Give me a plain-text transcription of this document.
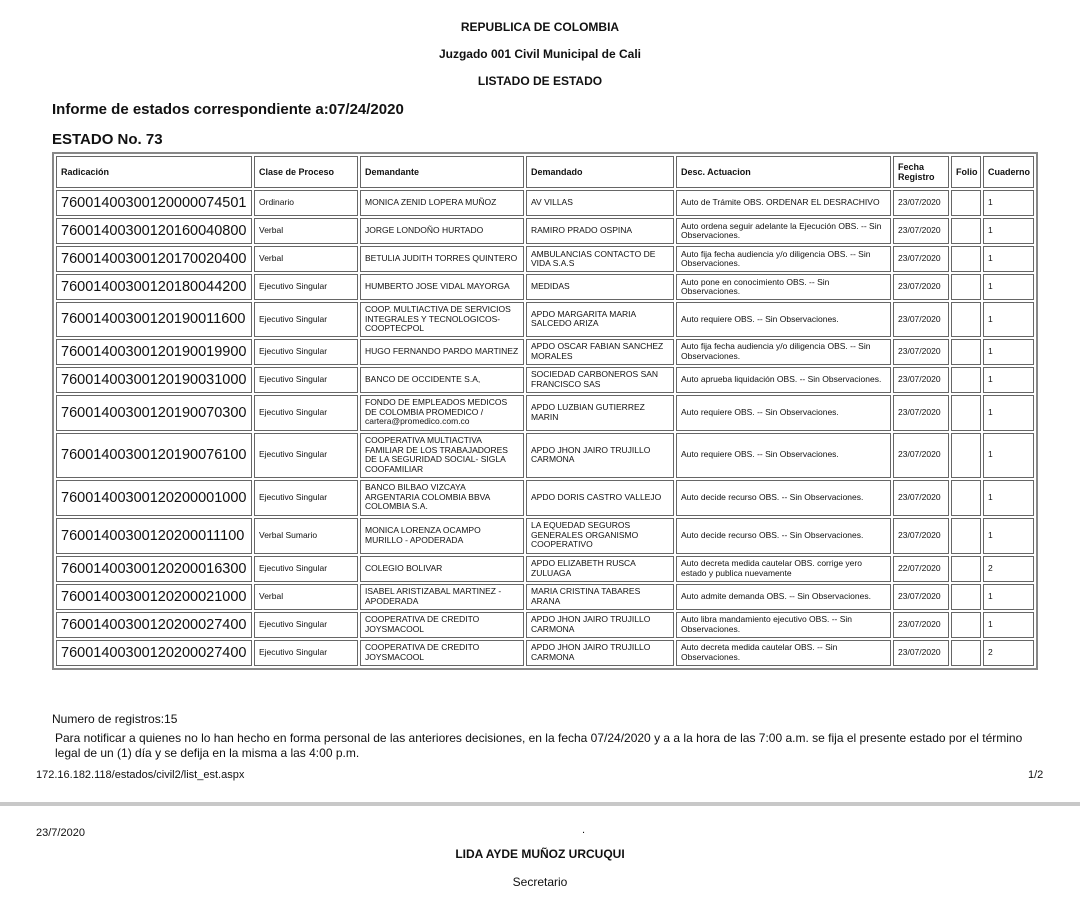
REPUBLICA DE COLOMBIA
Juzgado 001 Civil Municipal de Cali
LISTADO DE ESTADO
Informe de estados correspondiente a:07/24/2020
ESTADO No. 73
Radicación	Clase de Proceso	Demandante	Demandado	Desc. Actuacion	Fecha Registro	Folio	Cuaderno
76001400300120000074501	Ordinario	MONICA ZENID LOPERA MUÑOZ	AV VILLAS	Auto de Trámite OBS. ORDENAR EL DESRACHIVO	23/07/2020		1
76001400300120160040800	Verbal	JORGE LONDOÑO HURTADO	RAMIRO PRADO OSPINA	Auto ordena seguir adelante la Ejecución OBS. -- Sin Observaciones.	23/07/2020		1
76001400300120170020400	Verbal	BETULIA JUDITH TORRES QUINTERO	AMBULANCIAS CONTACTO DE VIDA S.A.S	Auto fija fecha audiencia y/o diligencia OBS. -- Sin Observaciones.	23/07/2020		1
76001400300120180044200	Ejecutivo Singular	HUMBERTO JOSE VIDAL MAYORGA	MEDIDAS	Auto pone en conocimiento OBS. -- Sin Observaciones.	23/07/2020		1
76001400300120190011600	Ejecutivo Singular	COOP. MULTIACTIVA DE SERVICIOS INTEGRALES Y TECNOLOGICOS- COOPTECPOL	APDO MARGARITA MARIA SALCEDO ARIZA	Auto requiere OBS. -- Sin Observaciones.	23/07/2020		1
76001400300120190019900	Ejecutivo Singular	HUGO FERNANDO PARDO MARTINEZ	APDO OSCAR FABIAN SANCHEZ MORALES	Auto fija fecha audiencia y/o diligencia OBS. -- Sin Observaciones.	23/07/2020		1
76001400300120190031000	Ejecutivo Singular	BANCO DE OCCIDENTE S.A,	SOCIEDAD CARBONEROS SAN FRANCISCO SAS	Auto aprueba liquidación OBS. -- Sin Observaciones.	23/07/2020		1
76001400300120190070300	Ejecutivo Singular	FONDO DE EMPLEADOS MEDICOS DE COLOMBIA PROMEDICO / cartera@promedico.com.co	APDO LUZBIAN GUTIERREZ MARIN	Auto requiere OBS. -- Sin Observaciones.	23/07/2020		1
76001400300120190076100	Ejecutivo Singular	COOPERATIVA MULTIACTIVA FAMILIAR DE LOS TRABAJADORES DE LA SEGURIDAD SOCIAL- SIGLA COOFAMILIAR	APDO JHON JAIRO TRUJILLO CARMONA	Auto requiere OBS. -- Sin Observaciones.	23/07/2020		1
76001400300120200001000	Ejecutivo Singular	BANCO BILBAO VIZCAYA ARGENTARIA COLOMBIA BBVA COLOMBIA S.A.	APDO DORIS CASTRO VALLEJO	Auto decide recurso OBS. -- Sin Observaciones.	23/07/2020		1
76001400300120200011100	Verbal Sumario	MONICA LORENZA OCAMPO MURILLO - APODERADA	LA EQUEDAD SEGUROS GENERALES ORGANISMO COOPERATIVO	Auto decide recurso OBS. -- Sin Observaciones.	23/07/2020		1
76001400300120200016300	Ejecutivo Singular	COLEGIO BOLIVAR	APDO ELIZABETH RUSCA ZULUAGA	Auto decreta medida cautelar OBS. corrige yero estado y publica nuevamente	22/07/2020		2
76001400300120200021000	Verbal	ISABEL ARISTIZABAL MARTINEZ - APODERADA	MARIA CRISTINA TABARES ARANA	Auto admite demanda OBS. -- Sin Observaciones.	23/07/2020		1
76001400300120200027400	Ejecutivo Singular	COOPERATIVA DE CREDITO JOYSMACOOL	APDO JHON JAIRO TRUJILLO CARMONA	Auto libra mandamiento ejecutivo OBS. -- Sin Observaciones.	23/07/2020		1
76001400300120200027400	Ejecutivo Singular	COOPERATIVA DE CREDITO JOYSMACOOL	APDO JHON JAIRO TRUJILLO CARMONA	Auto decreta medida cautelar OBS. -- Sin Observaciones.	23/07/2020		2
Numero de registros:15
Para notificar a quienes no lo han hecho en forma personal de las anteriores decisiones, en la fecha 07/24/2020 y a a la hora de las 7:00 a.m. se fija el presente estado por el término legal de un (1) día y se defija en la misma a las 4:00 p.m.
172.16.182.118/estados/civil2/list_est.aspx	1/2
23/7/2020	.
LIDA AYDE MUÑOZ URCUQUI
Secretario
